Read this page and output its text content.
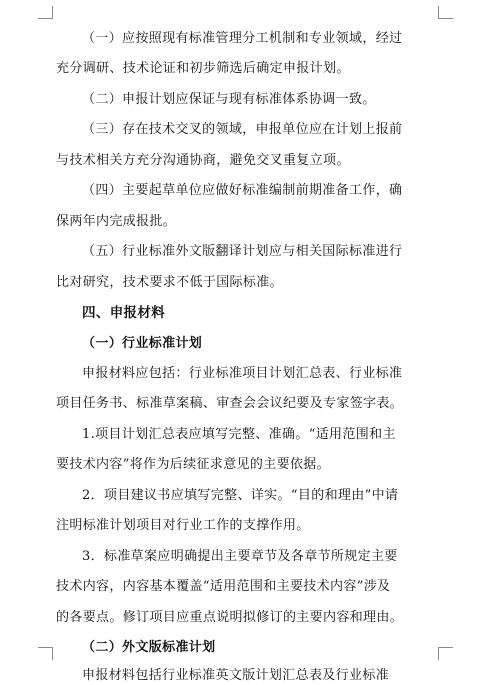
（一）应按照现有标准管理分工机制和专业领域，经过
充分调研、技术论证和初步筛选后确定申报计划。
（二）申报计划应保证与现有标准体系协调一致。
（三）存在技术交叉的领域，申报单位应在计划上报前
与技术相关方充分沟通协商，避免交叉重复立项。
（四）主要起草单位应做好标准编制前期准备工作，确
保两年内完成报批。
（五）行业标准外文版翻译计划应与相关国际标准进行
比对研究，技术要求不低于国际标准。
四、申报材料
（一）行业标准计划
申报材料应包括：行业标准项目计划汇总表、行业标准
项目任务书、标准草案稿、审查会会议纪要及专家签字表。
1.项目计划汇总表应填写完整、准确。“适用范围和主
要技术内容”将作为后续征求意见的主要依据。
2．项目建议书应填写完整、详实。“目的和理由”中请
注明标准计划项目对行业工作的支撑作用。
3．标准草案应明确提出主要章节及各章节所规定主要
技术内容，内容基本覆盖“适用范围和主要技术内容”涉及
的各要点。修订项目应重点说明拟修订的主要内容和理由。
（二）外文版标准计划
申报材料包括行业标准英文版计划汇总表及行业标准
